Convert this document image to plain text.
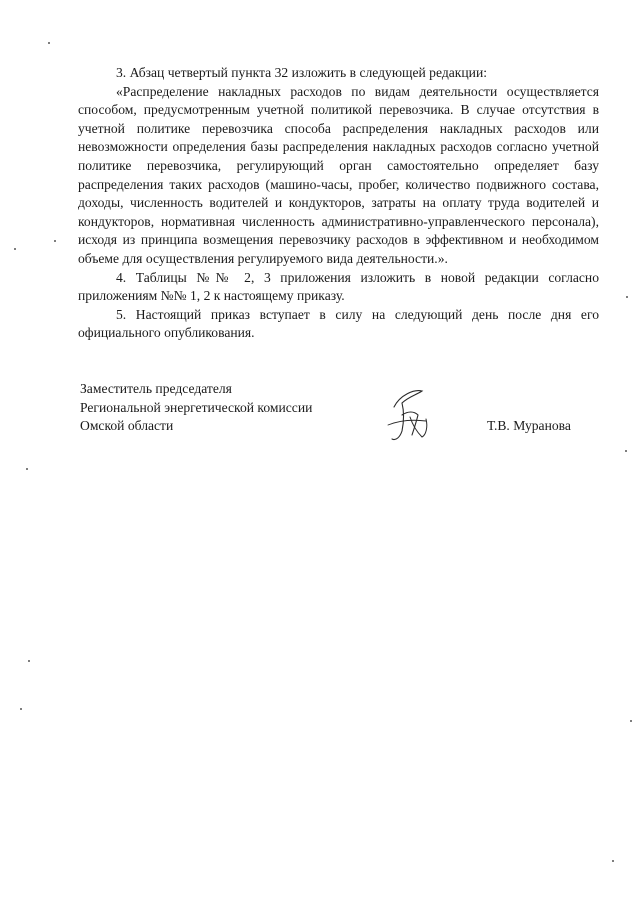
3. Абзац четвертый пункта 32 изложить в следующей редакции:

«Распределение накладных расходов по видам деятельности осуществляется способом, предусмотренным учетной политикой перевозчика. В случае отсутствия в учетной политике перевозчика способа распределения накладных расходов или невозможности определения базы распределения накладных расходов согласно учетной политике перевозчика, регулирующий орган самостоятельно определяет базу распределения таких расходов (машино-часы, пробег, количество подвижного состава, доходы, численность водителей и кондукторов, затраты на оплату труда водителей и кондукторов, нормативная численность административно-управленческого персонала), исходя из принципа возмещения перевозчику расходов в эффективном и необходимом объеме для осуществления регулируемого вида деятельности.».

4. Таблицы №№ 2, 3 приложения изложить в новой редакции согласно приложениям №№ 1, 2 к настоящему приказу.

5. Настоящий приказ вступает в силу на следующий день после дня его официального опубликования.

Заместитель председателя
Региональной энергетической комиссии
Омской области	Т.В. Муранова
